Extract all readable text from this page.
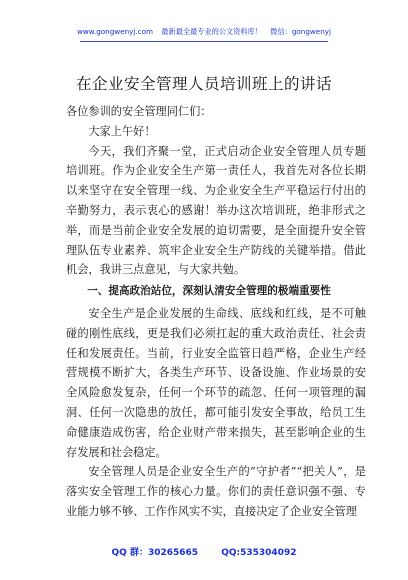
www.gongwenyj.com 最新最全最专业的公文资料库！ 微信：gongwenyj
在企业安全管理人员培训班上的讲话

各位参训的安全管理同仁们：

大家上午好！

今天，我们齐聚一堂，正式启动企业安全管理人员专题培训班。作为企业安全生产第一责任人，我首先对各位长期以来坚守在安全管理一线、为企业安全生产平稳运行付出的辛勤努力，表示衷心的感谢！举办这次培训班，绝非形式之举，而是当前企业安全发展的迫切需要，是全面提升安全管理队伍专业素养、筑牢企业安全生产防线的关键举措。借此机会，我讲三点意见，与大家共勉。

一、提高政治站位，深刻认清安全管理的极端重要性

安全生产是企业发展的生命线、底线和红线，是不可触碰的刚性底线，更是我们必须扛起的重大政治责任、社会责任和发展责任。当前，行业安全监管日趋严格，企业生产经营规模不断扩大，各类生产环节、设备设施、作业场景的安全风险愈发复杂，任何一个环节的疏忽、任何一项管理的漏洞、任何一次隐患的放任，都可能引发安全事故，给员工生命健康造成伤害，给企业财产带来损失，甚至影响企业的生存发展和社会稳定。

安全管理人员是企业安全生产的“守护者”“把关人”，是落实安全管理工作的核心力量。你们的责任意识强不强、专业能力够不够、工作作风实不实，直接决定了企业安全管理

QQ 群：30265665	QQ:535304092
